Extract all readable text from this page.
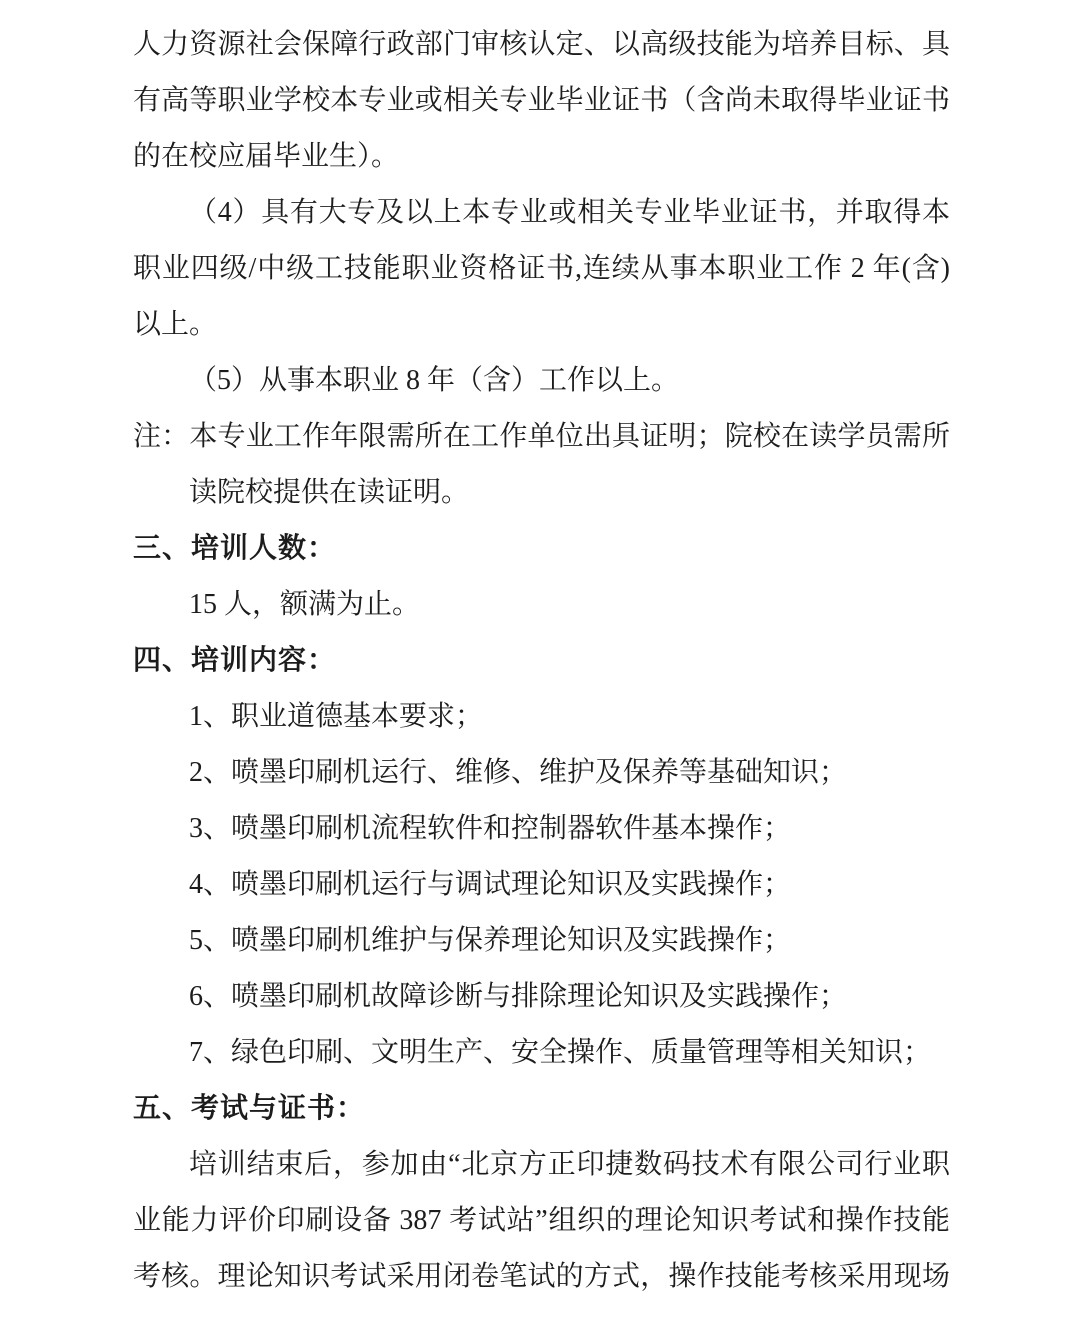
人力资源社会保障行政部门审核认定、以高级技能为培养目标、具
有高等职业学校本专业或相关专业毕业证书（含尚未取得毕业证书
的在校应届毕业生）。
（4）具有大专及以上本专业或相关专业毕业证书，并取得本
职业四级/中级工技能职业资格证书,连续从事本职业工作 2 年(含)
以上。
（5）从事本职业 8 年（含）工作以上。
注：本专业工作年限需所在工作单位出具证明；院校在读学员需所
读院校提供在读证明。
三、培训人数：
15 人，额满为止。
四、培训内容：
1、职业道德基本要求；
2、喷墨印刷机运行、维修、维护及保养等基础知识；
3、喷墨印刷机流程软件和控制器软件基本操作；
4、喷墨印刷机运行与调试理论知识及实践操作；
5、喷墨印刷机维护与保养理论知识及实践操作；
6、喷墨印刷机故障诊断与排除理论知识及实践操作；
7、绿色印刷、文明生产、安全操作、质量管理等相关知识；
五、考试与证书：
培训结束后，参加由“北京方正印捷数码技术有限公司行业职
业能力评价印刷设备 387 考试站”组织的理论知识考试和操作技能
考核。理论知识考试采用闭卷笔试的方式，操作技能考核采用现场
